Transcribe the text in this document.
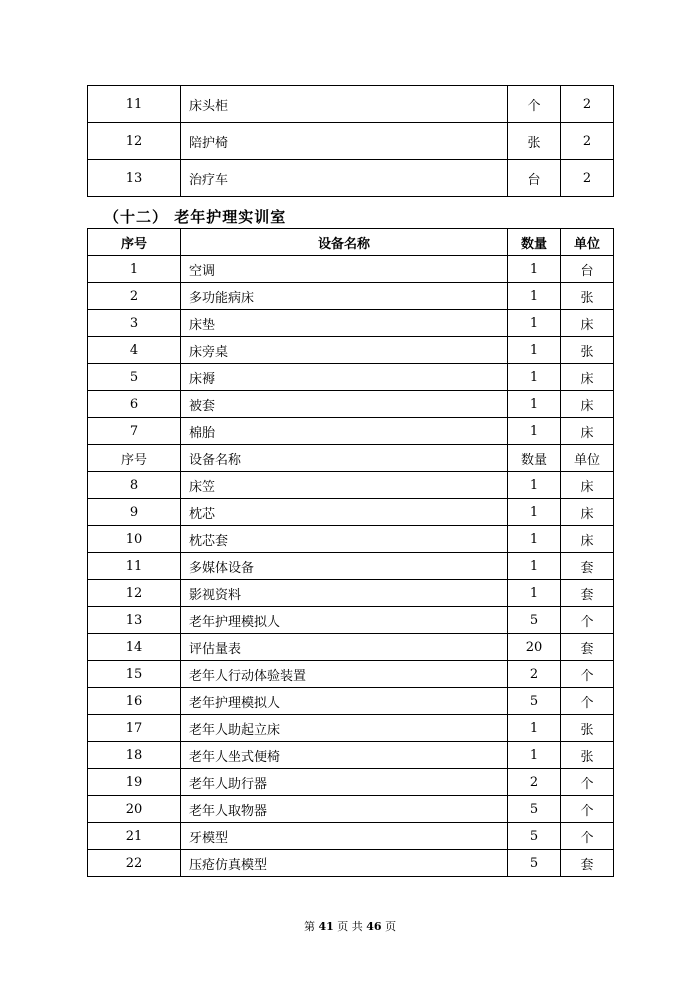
11	床头柜	个	2
12	陪护椅	张	2
13	治疗车	台	2
（十二） 老年护理实训室
序号	设备名称	数量	单位
1	空调	1	台
2	多功能病床	1	张
3	床垫	1	床
4	床旁桌	1	张
5	床褥	1	床
6	被套	1	床
7	棉胎	1	床
序号	设备名称	数量	单位
8	床笠	1	床
9	枕芯	1	床
10	枕芯套	1	床
11	多媒体设备	1	套
12	影视资料	1	套
13	老年护理模拟人	5	个
14	评估量表	20	套
15	老年人行动体验装置	2	个
16	老年护理模拟人	5	个
17	老年人助起立床	1	张
18	老年人坐式便椅	1	张
19	老年人助行器	2	个
20	老年人取物器	5	个
21	牙模型	5	个
22	压疮仿真模型	5	套
第 41 页 共 46 页
